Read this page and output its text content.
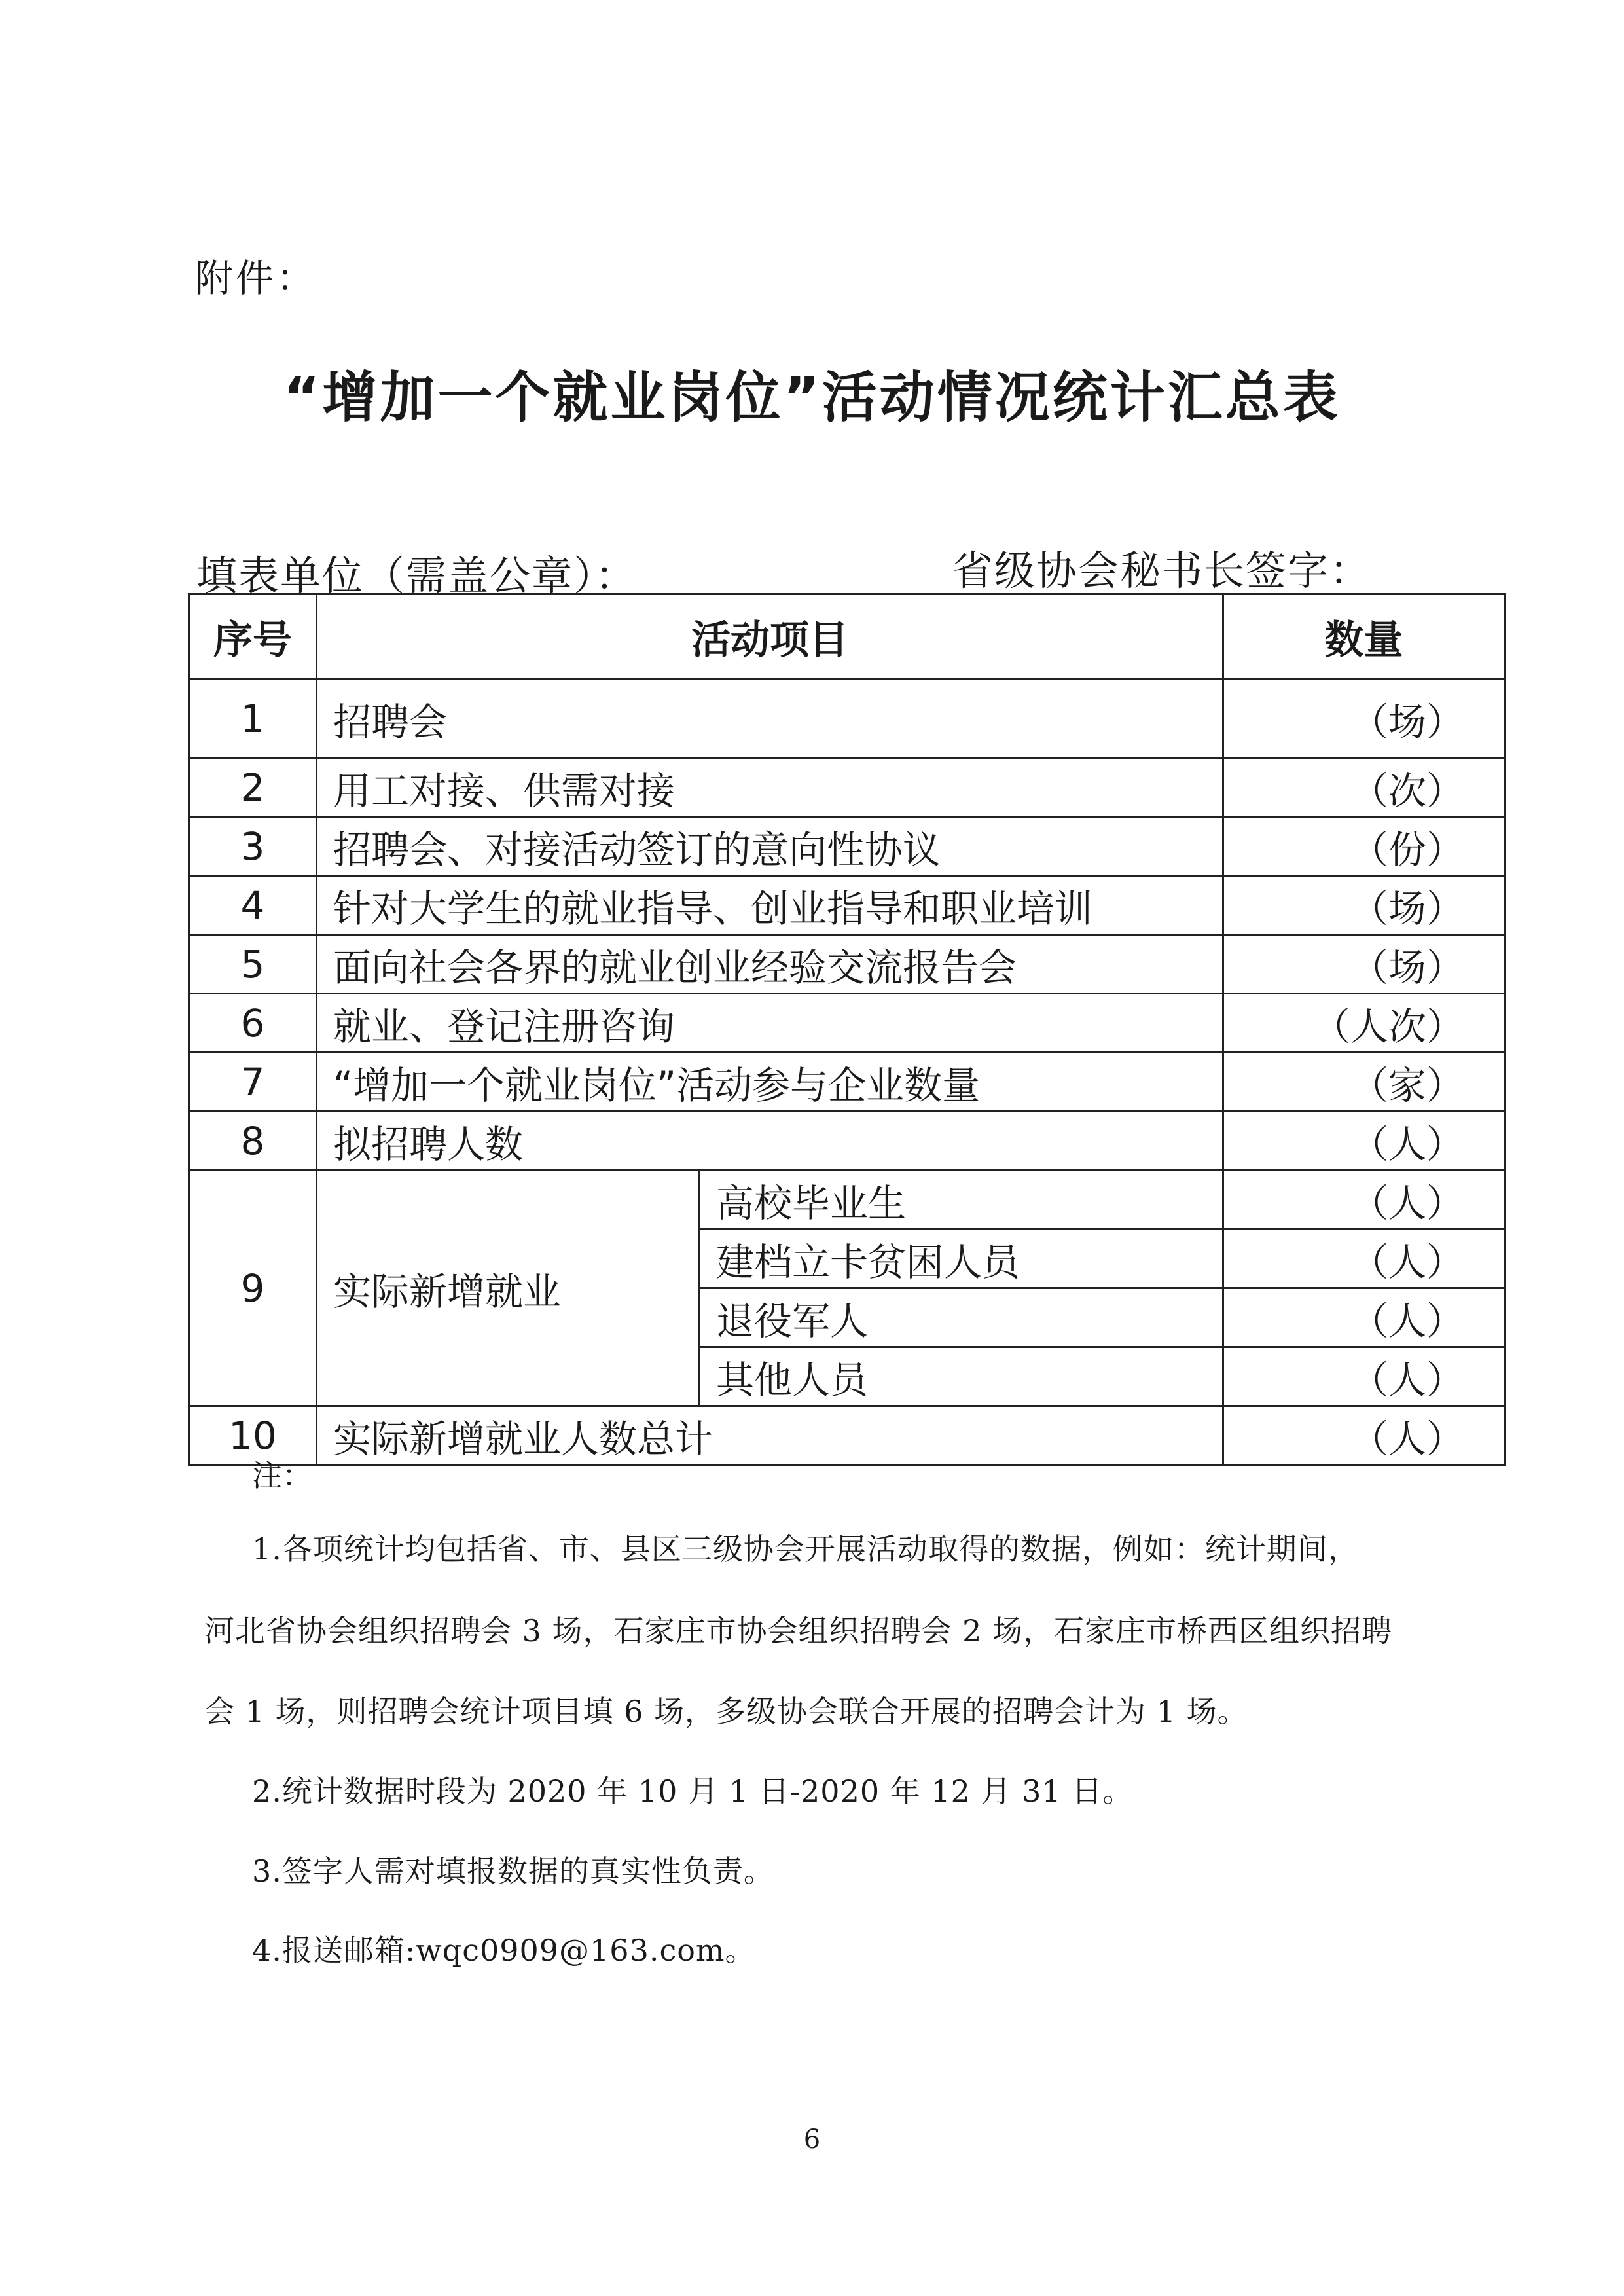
附件：
“增加一个就业岗位”活动情况统计汇总表
填表单位（需盖公章）：	省级协会秘书长签字：
序号	活动项目		数量
1	招聘会		（场）
2	用工对接、供需对接		（次）
3	招聘会、对接活动签订的意向性协议		（份）
4	针对大学生的就业指导、创业指导和职业培训		（场）
5	面向社会各界的就业创业经验交流报告会		（场）
6	就业、登记注册咨询		（人次）
7	“增加一个就业岗位”活动参与企业数量		（家）
8	拟招聘人数		（人）
9	实际新增就业	高校毕业生	（人）
		建档立卡贫困人员	（人）
		退役军人	（人）
		其他人员	（人）
10	实际新增就业人数总计		（人）
注：
1.各项统计均包括省、市、县区三级协会开展活动取得的数据，例如：统计期间，
河北省协会组织招聘会 3 场，石家庄市协会组织招聘会 2 场，石家庄市桥西区组织招聘
会 1 场，则招聘会统计项目填 6 场，多级协会联合开展的招聘会计为 1 场。
2.统计数据时段为 2020 年 10 月 1 日-2020 年 12 月 31 日。
3.签字人需对填报数据的真实性负责。
4.报送邮箱:wqc0909@163.com。
6
